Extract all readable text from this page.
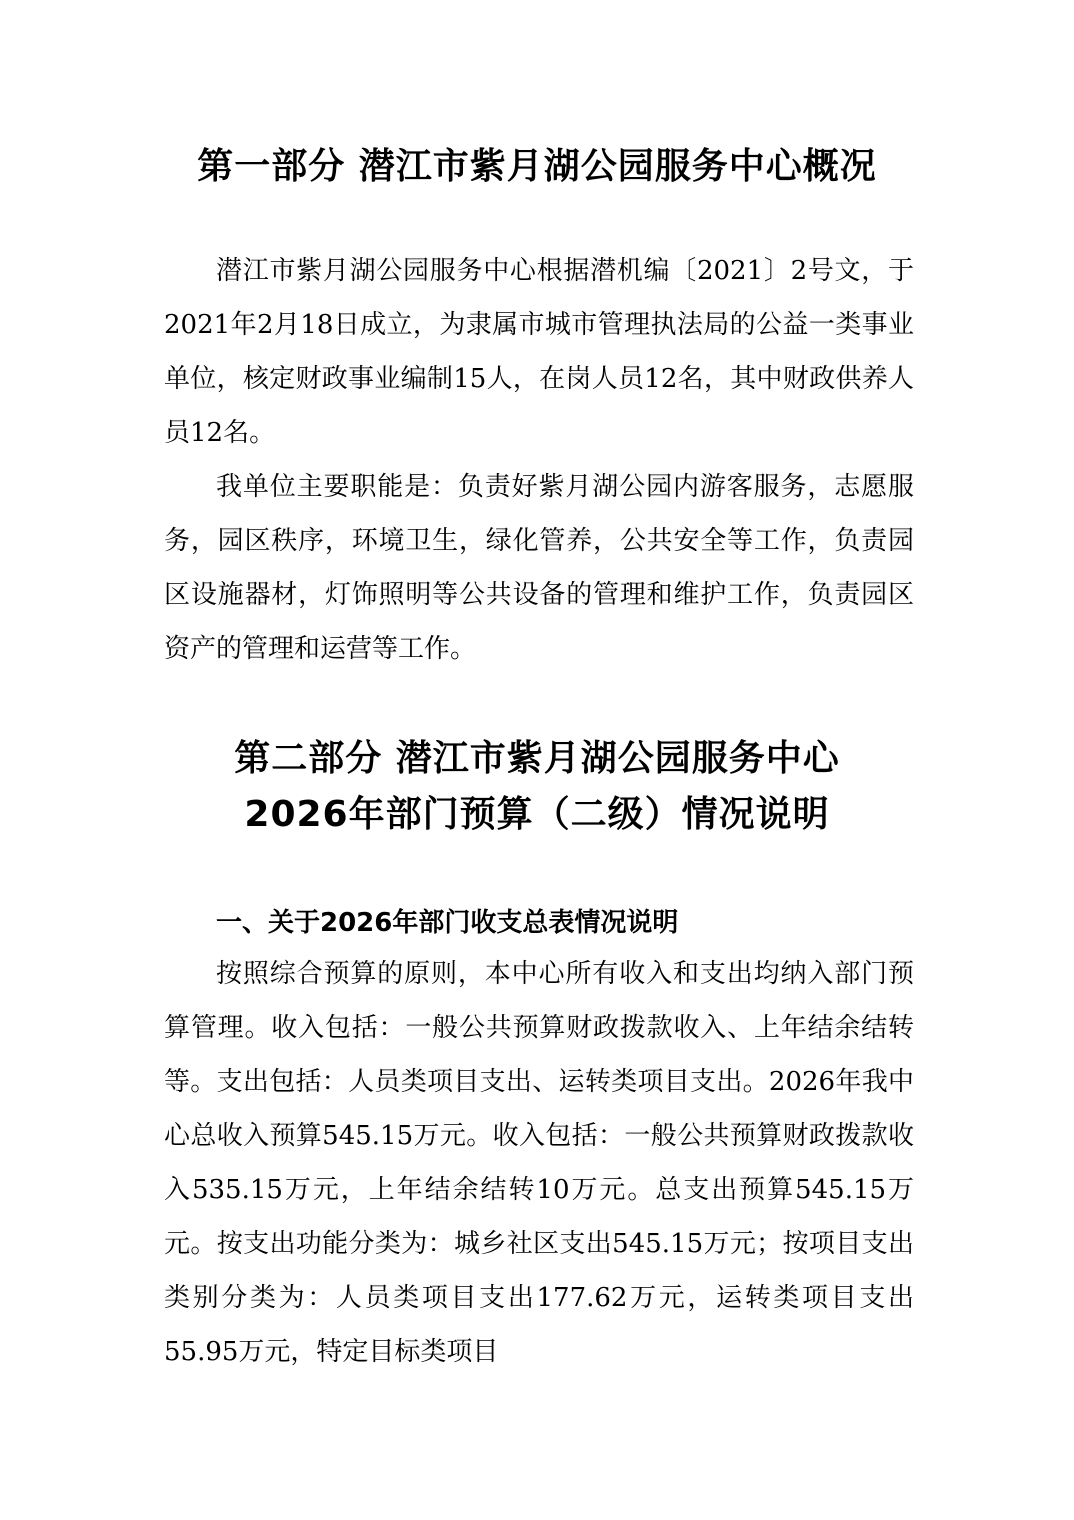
第一部分 潜江市紫月湖公园服务中心概况

潜江市紫月湖公园服务中心根据潜机编〔2021〕2号文，于2021年2月18日成立，为隶属市城市管理执法局的公益一类事业单位，核定财政事业编制15人，在岗人员12名，其中财政供养人员12名。

我单位主要职能是：负责好紫月湖公园内游客服务，志愿服务，园区秩序，环境卫生，绿化管养，公共安全等工作，负责园区设施器材，灯饰照明等公共设备的管理和维护工作，负责园区资产的管理和运营等工作。

第二部分 潜江市紫月湖公园服务中心
2026年部门预算（二级）情况说明
一、关于2026年部门收支总表情况说明

按照综合预算的原则，本中心所有收入和支出均纳入部门预算管理。收入包括：一般公共预算财政拨款收入、上年结余结转等。支出包括：人员类项目支出、运转类项目支出。2026年我中心总收入预算545.15万元。收入包括：一般公共预算财政拨款收入535.15万元，上年结余结转10万元。总支出预算545.15万元。按支出功能分类为：城乡社区支出545.15万元；按项目支出类别分类为：人员类项目支出177.62万元，运转类项目支出55.95万元，特定目标类项目
